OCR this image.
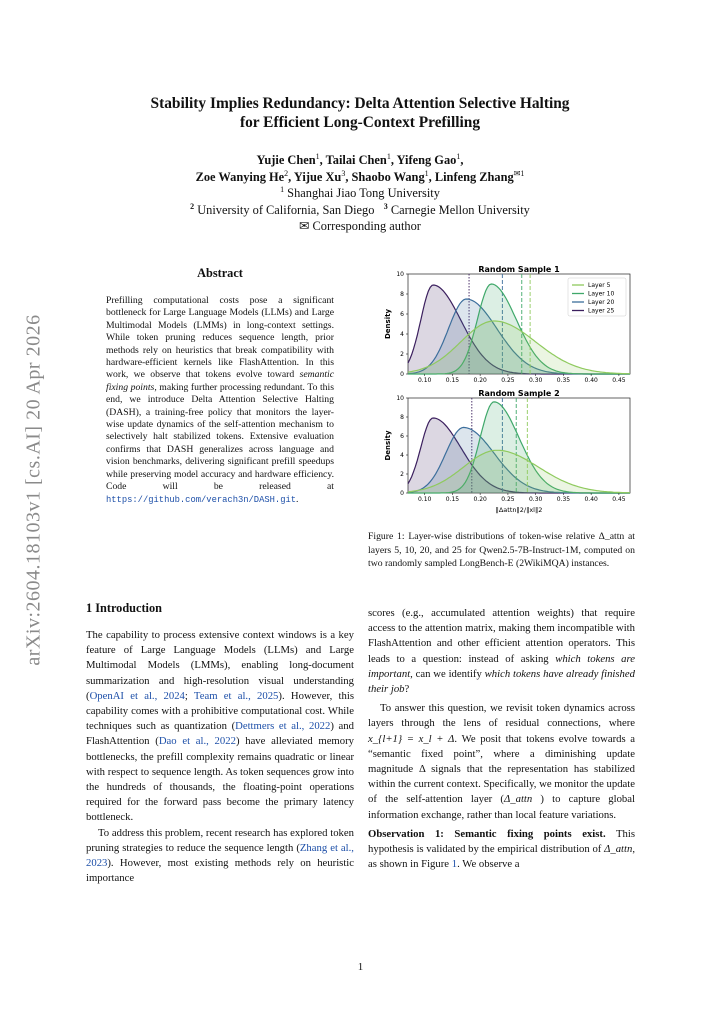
arXiv:2604.18103v1 [cs.AI] 20 Apr 2026
Stability Implies Redundancy: Delta Attention Selective Halting
for Efficient Long-Context Prefilling
Yujie Chen$^1$, Tailai Chen$^1$, Yifeng Gao$^1$,
Zoe Wanying He$^2$, Yijue Xu$^3$, Shaobo Wang$^1$, Linfeng Zhang$^{✉1}$
$^1$ Shanghai Jiao Tong University
$^2$ University of California, San Diego $^3$ Carnegie Mellon University
✉ Corresponding author
Abstract

Prefilling computational costs pose a significant bottleneck for Large Language Models (LLMs) and Large Multimodal Models (LMMs) in long-context settings. While token pruning reduces sequence length, prior methods rely on heuristics that break compatibility with hardware-efficient kernels like FlashAttention. In this work, we observe that tokens evolve toward semantic fixing points, making further processing redundant. To this end, we introduce Delta Attention Selective Halting (DASH), a training-free policy that monitors the layer-wise update dynamics of the self-attention mechanism to selectively halt stabilized tokens. Extensive evaluation confirms that DASH generalizes across language and vision benchmarks, delivering significant prefill speedups while preserving model accuracy and hardware efficiency. Code will be released at https://github.com/verach3n/DASH.git.

1 Introduction

The capability to process extensive context windows is a key feature of Large Language Models (LLMs) and Large Multimodal Models (LMMs), enabling long-document summarization and high-resolution visual understanding (OpenAI et al., 2024; Team et al., 2025). However, this capability comes with a prohibitive computational cost. While techniques such as quantization (Dettmers et al., 2022) and FlashAttention (Dao et al., 2022) have alleviated memory bottlenecks, the prefill complexity remains quadratic or linear with respect to sequence length. As token sequences grow into the hundreds of thousands, the floating-point operations required for the forward pass become the primary latency bottleneck.

To address this problem, recent research has explored token pruning strategies to reduce the sequence length (Zhang et al., 2023). However, most existing methods rely on heuristic importance

Random Sample 1
0.10 0.15 0.20 0.25 0.30 0.35 0.40 0.45
0
2
4
6
8
10
Density
Layer 5
Layer 10
Layer 20
Layer 25
Random Sample 2
0.10 0.15 0.20 0.25 0.30 0.35 0.40 0.45
0
2
4
6
8
10
Density
‖Δattn‖2/‖xl‖2
Figure 1: Layer-wise distributions of token-wise relative Δ_attn at layers 5, 10, 20, and 25 for Qwen2.5-7B-Instruct-1M, computed on two randomly sampled LongBench-E (2WikiMQA) instances.

scores (e.g., accumulated attention weights) that require access to the attention matrix, making them incompatible with FlashAttention and other efficient attention operators. This leads to a question: instead of asking which tokens are important, can we identify which tokens have already finished their job?

To answer this question, we revisit token dynamics across layers through the lens of residual connections, where x_{l+1} = x_l + Δ. We posit that tokens evolve towards a “semantic fixed point”, where a diminishing update magnitude Δ signals that the representation has stabilized within the current context. Specifically, we monitor the update of the self-attention layer (Δ_attn ) to capture global information exchange, rather than local feature variations.

Observation 1: Semantic fixing points exist. This hypothesis is validated by the empirical distribution of Δ_attn, as shown in Figure 1. We observe a

1
